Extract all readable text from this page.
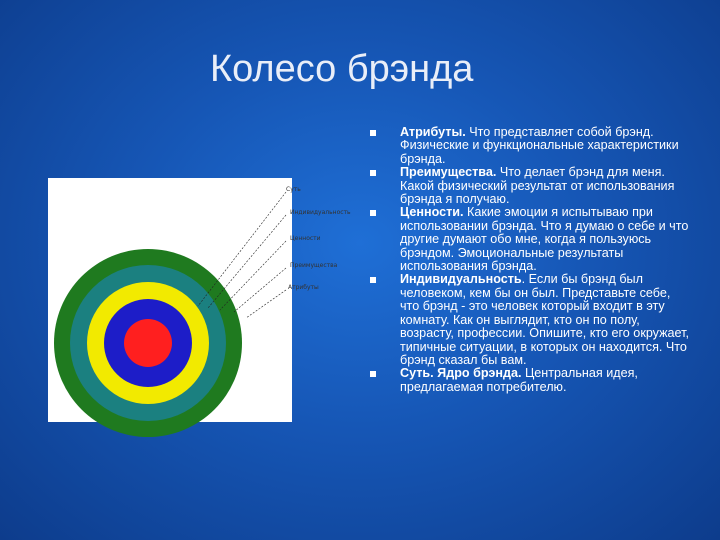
Колесо брэнда
Суть
Индивидуальность
Ценности
Преимущества
Атрибуты

Атрибуты. Что представляет собой брэнд. Физические и функциональные характеристики брэнда.

Преимущества. Что делает брэнд для меня. Какой физический результат от использования брэнда я получаю.

Ценности. Какие эмоции я испытываю при использовании брэнда. Что я думаю о себе и что другие думают обо мне, когда я пользуюсь брэндом. Эмоциональные результаты использования брэнда.

Индивидуальность. Если бы брэнд был человеком, кем бы он был. Представьте себе, что брэнд - это человек который входит в эту комнату. Как он выглядит, кто он по полу, возрасту, профессии. Опишите, кто его окружает, типичные ситуации, в которых он находится. Что брэнд сказал бы вам.

Суть. Ядро брэнда. Центральная идея, предлагаемая потребителю.
